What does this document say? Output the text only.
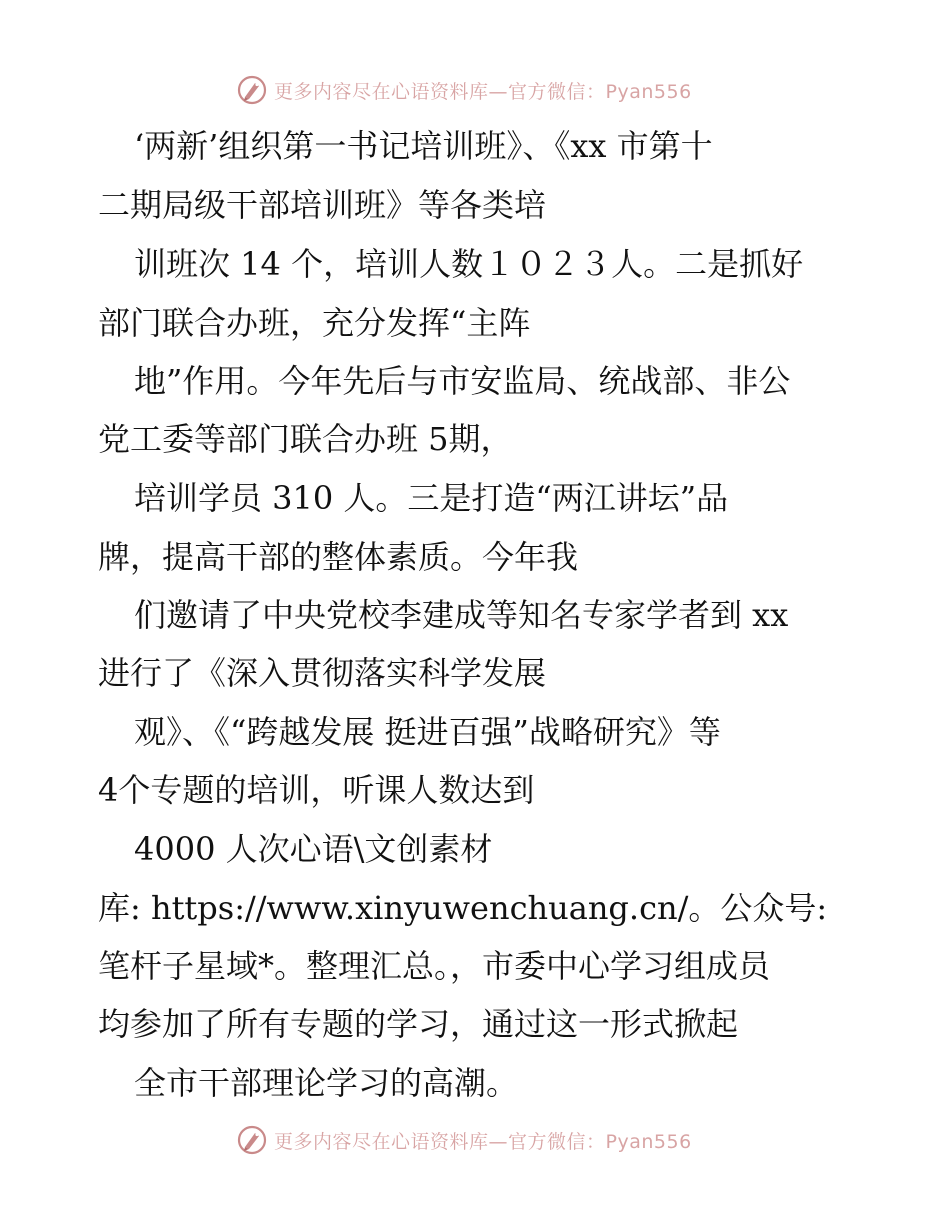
更多内容尽在心语资料库—官方微信：Pyan556
‘两新’组织第一书记培训班》、《xx 市第十
二期局级干部培训班》等各类培
训班次 14 个，培训人数１０２３人。二是抓好
部门联合办班，充分发挥“主阵
地”作用。今年先后与市安监局、统战部、非公
党工委等部门联合办班 5期，
培训学员 310 人。三是打造“两江讲坛”品
牌，提高干部的整体素质。今年我
们邀请了中央党校李建成等知名专家学者到 xx
进行了《深入贯彻落实科学发展
观》、《“跨越发展 挺进百强”战略研究》等
4个专题的培训，听课人数达到
4000 人次心语\文创素材
库: https://www.xinyuwenchuang.cn/。公众号:
笔杆子星域*。整理汇总。，市委中心学习组成员
均参加了所有专题的学习，通过这一形式掀起
全市干部理论学习的高潮。
更多内容尽在心语资料库—官方微信：Pyan556
